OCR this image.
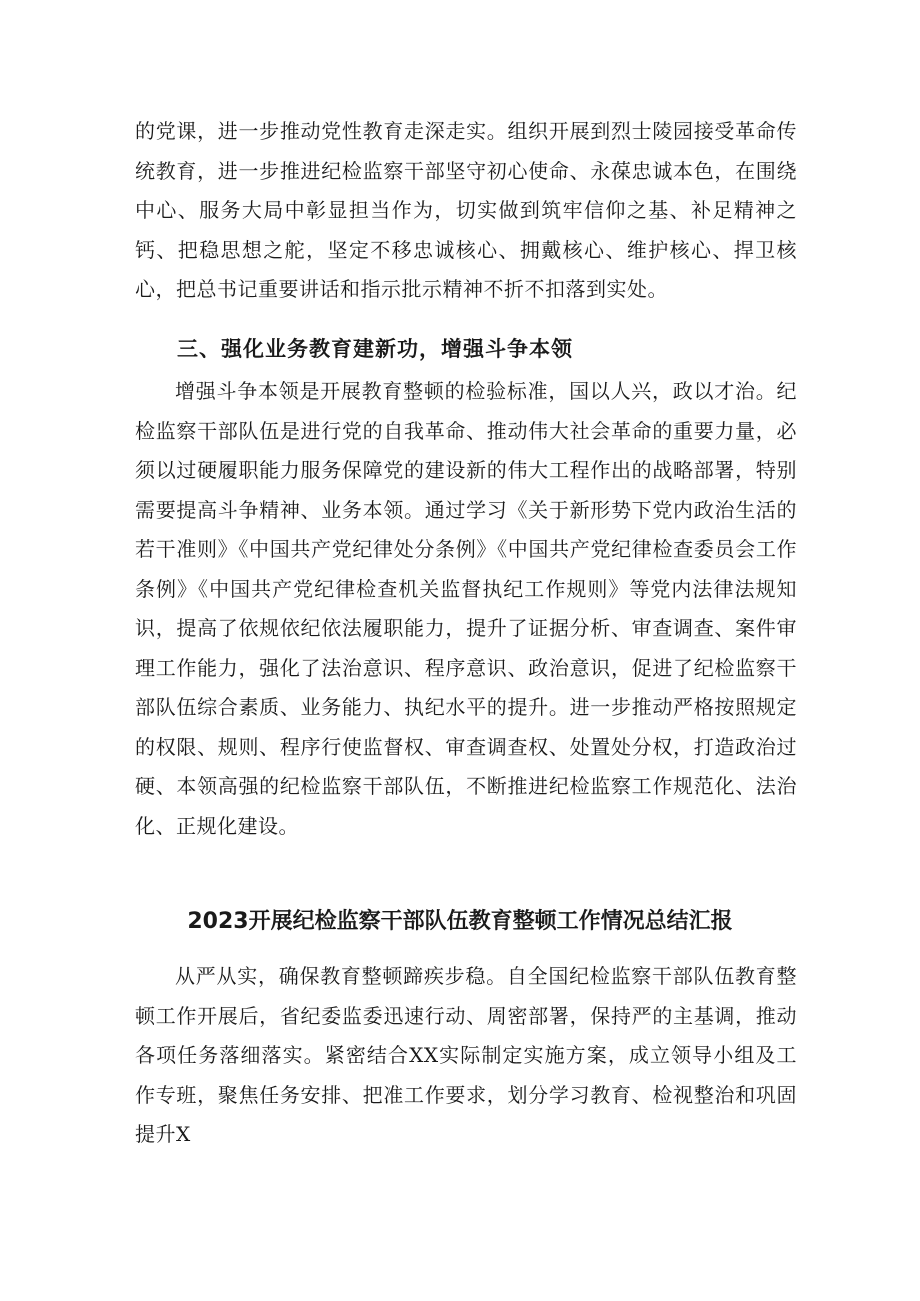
的党课，进一步推动党性教育走深走实。组织开展到烈士陵园接受革命传统教育，进一步推进纪检监察干部坚守初心使命、永葆忠诚本色，在围绕中心、服务大局中彰显担当作为，切实做到筑牢信仰之基、补足精神之钙、把稳思想之舵，坚定不移忠诚核心、拥戴核心、维护核心、捍卫核心，把总书记重要讲话和指示批示精神不折不扣落到实处。

三、强化业务教育建新功，增强斗争本领

增强斗争本领是开展教育整顿的检验标准，国以人兴，政以才治。纪检监察干部队伍是进行党的自我革命、推动伟大社会革命的重要力量，必须以过硬履职能力服务保障党的建设新的伟大工程作出的战略部署，特别需要提高斗争精神、业务本领。通过学习《关于新形势下党内政治生活的若干准则》《中国共产党纪律处分条例》《中国共产党纪律检查委员会工作条例》《中国共产党纪律检查机关监督执纪工作规则》等党内法律法规知识，提高了依规依纪依法履职能力，提升了证据分析、审查调查、案件审理工作能力，强化了法治意识、程序意识、政治意识，促进了纪检监察干部队伍综合素质、业务能力、执纪水平的提升。进一步推动严格按照规定的权限、规则、程序行使监督权、审查调查权、处置处分权，打造政治过硬、本领高强的纪检监察干部队伍，不断推进纪检监察工作规范化、法治化、正规化建设。

2023开展纪检监察干部队伍教育整顿工作情况总结汇报

从严从实，确保教育整顿蹄疾步稳。自全国纪检监察干部队伍教育整顿工作开展后，省纪委监委迅速行动、周密部署，保持严的主基调，推动各项任务落细落实。紧密结合XX实际制定实施方案，成立领导小组及工作专班，聚焦任务安排、把准工作要求，划分学习教育、检视整治和巩固提升X
